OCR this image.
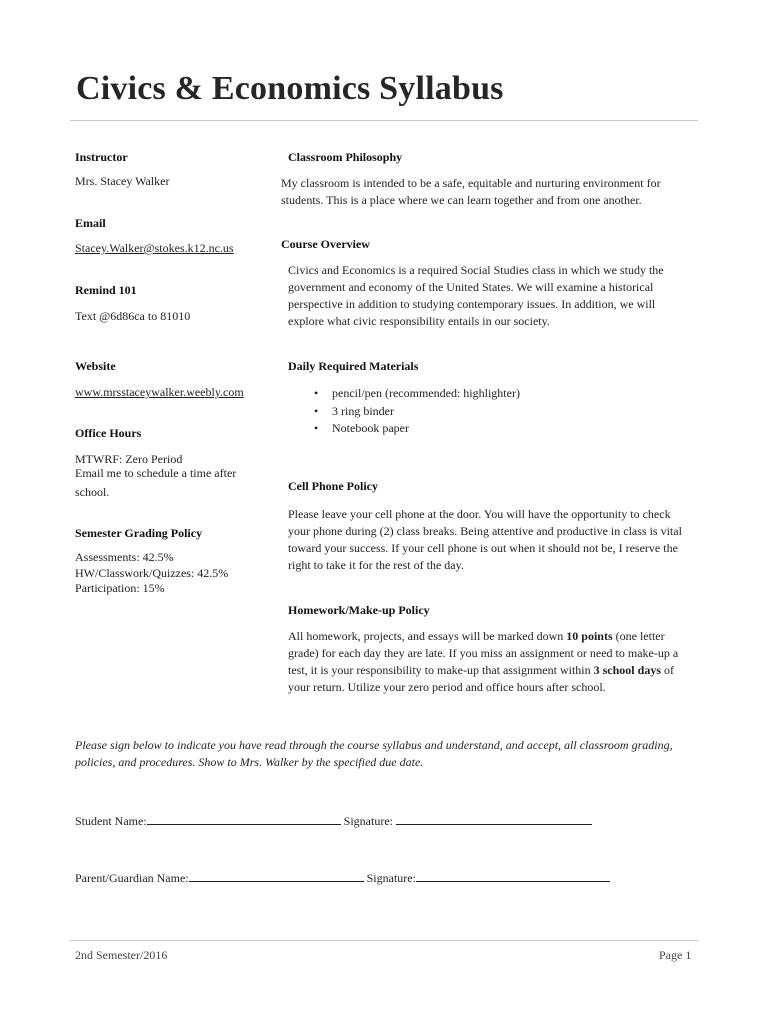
Civics & Economics Syllabus
Instructor
Mrs. Stacey Walker
Email
Stacey.Walker@stokes.k12.nc.us
Remind 101
Text @6d86ca to 81010
Website
www.mrsstaceywalker.weebly.com
Office Hours
MTWRF: Zero Period
Email me to schedule a time after
school.
Semester Grading Policy
Assessments: 42.5%
HW/Classwork/Quizzes: 42.5%
Participation: 15%
Classroom Philosophy
My classroom is intended to be a safe, equitable and nurturing environment for students. This is a place where we can learn together and from one another.
Course Overview
Civics and Economics is a required Social Studies class in which we study the government and economy of the United States. We will examine a historical perspective in addition to studying contemporary issues. In addition, we will explore what civic responsibility entails in our society.
Daily Required Materials
• pencil/pen (recommended: highlighter)
• 3 ring binder
• Notebook paper
Cell Phone Policy
Please leave your cell phone at the door. You will have the opportunity to check your phone during (2) class breaks. Being attentive and productive in class is vital toward your success. If your cell phone is out when it should not be, I reserve the right to take it for the rest of the day.
Homework/Make-up Policy
All homework, projects, and essays will be marked down 10 points (one letter grade) for each day they are late. If you miss an assignment or need to make-up a test, it is your responsibility to make-up that assignment within 3 school days of your return. Utilize your zero period and office hours after school.
Please sign below to indicate you have read through the course syllabus and understand, and accept, all classroom grading, policies, and procedures. Show to Mrs. Walker by the specified due date.
Student Name:	Signature:
Parent/Guardian Name:	Signature:
2nd Semester/2016	Page 1
